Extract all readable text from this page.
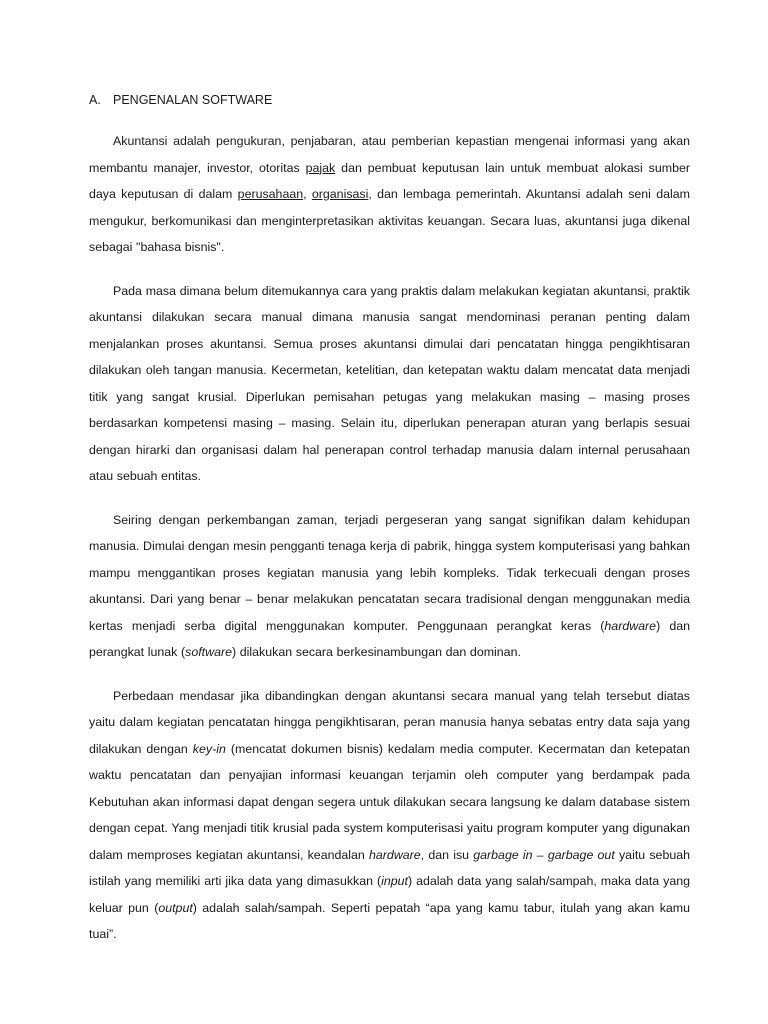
A. PENGENALAN SOFTWARE

Akuntansi adalah pengukuran, penjabaran, atau pemberian kepastian mengenai informasi yang akan membantu manajer, investor, otoritas pajak dan pembuat keputusan lain untuk membuat alokasi sumber daya keputusan di dalam perusahaan, organisasi, dan lembaga pemerintah. Akuntansi adalah seni dalam mengukur, berkomunikasi dan menginterpretasikan aktivitas keuangan. Secara luas, akuntansi juga dikenal sebagai "bahasa bisnis".

Pada masa dimana belum ditemukannya cara yang praktis dalam melakukan kegiatan akuntansi, praktik akuntansi dilakukan secara manual dimana manusia sangat mendominasi peranan penting dalam menjalankan proses akuntansi. Semua proses akuntansi dimulai dari pencatatan hingga pengikhtisaran dilakukan oleh tangan manusia. Kecermetan, ketelitian, dan ketepatan waktu dalam mencatat data menjadi titik yang sangat krusial. Diperlukan pemisahan petugas yang melakukan masing – masing proses berdasarkan kompetensi masing – masing. Selain itu, diperlukan penerapan aturan yang berlapis sesuai dengan hirarki dan organisasi dalam hal penerapan control terhadap manusia dalam internal perusahaan atau sebuah entitas.

Seiring dengan perkembangan zaman, terjadi pergeseran yang sangat signifikan dalam kehidupan manusia. Dimulai dengan mesin pengganti tenaga kerja di pabrik, hingga system komputerisasi yang bahkan mampu menggantikan proses kegiatan manusia yang lebih kompleks. Tidak terkecuali dengan proses akuntansi. Dari yang benar – benar melakukan pencatatan secara tradisional dengan menggunakan media kertas menjadi serba digital menggunakan komputer. Penggunaan perangkat keras (hardware) dan perangkat lunak (software) dilakukan secara berkesinambungan dan dominan.

Perbedaan mendasar jika dibandingkan dengan akuntansi secara manual yang telah tersebut diatas yaitu dalam kegiatan pencatatan hingga pengikhtisaran, peran manusia hanya sebatas entry data saja yang dilakukan dengan key-in (mencatat dokumen bisnis) kedalam media computer. Kecermatan dan ketepatan waktu pencatatan dan penyajian informasi keuangan terjamin oleh computer yang berdampak pada Kebutuhan akan informasi dapat dengan segera untuk dilakukan secara langsung ke dalam database sistem dengan cepat. Yang menjadi titik krusial pada system komputerisasi yaitu program komputer yang digunakan dalam memproses kegiatan akuntansi, keandalan hardware, dan isu garbage in – garbage out yaitu sebuah istilah yang memiliki arti jika data yang dimasukkan (input) adalah data yang salah/sampah, maka data yang keluar pun (output) adalah salah/sampah. Seperti pepatah “apa yang kamu tabur, itulah yang akan kamu tuai”.
